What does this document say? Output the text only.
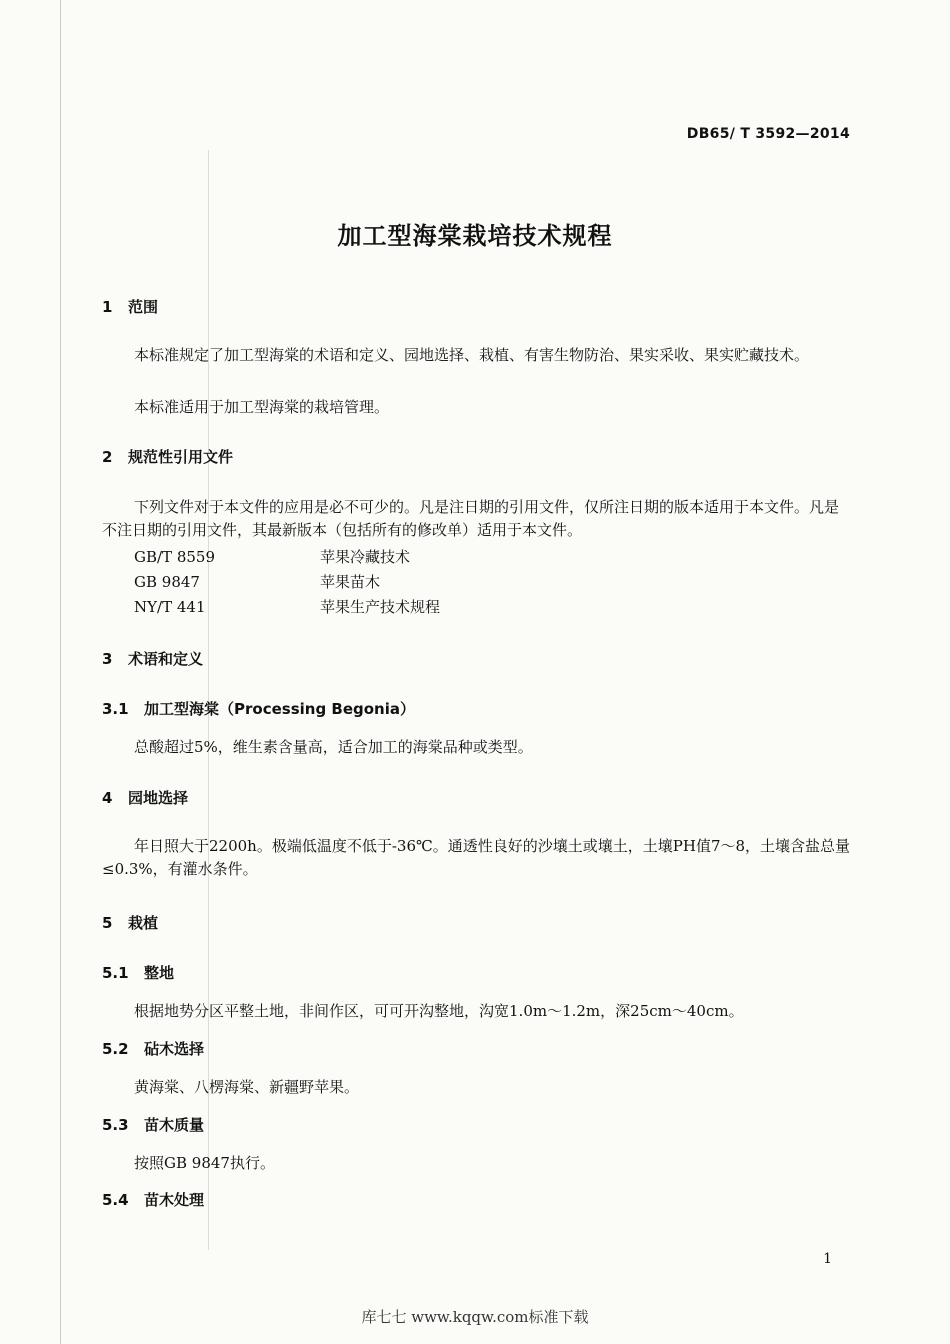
DB65/ T 3592—2014
加工型海棠栽培技术规程
1 范围
本标准规定了加工型海棠的术语和定义、园地选择、栽植、有害生物防治、果实采收、果实贮藏技术。
本标准适用于加工型海棠的栽培管理。
2 规范性引用文件
下列文件对于本文件的应用是必不可少的。凡是注日期的引用文件，仅所注日期的版本适用于本文件。凡是不注日期的引用文件，其最新版本（包括所有的修改单）适用于本文件。
GB/T 8559	苹果冷藏技术
GB 9847	苹果苗木
NY/T 441	苹果生产技术规程
3 术语和定义
3.1 加工型海棠（Processing Begonia）
总酸超过5%，维生素含量高，适合加工的海棠品种或类型。
4 园地选择
年日照大于2200h。极端低温度不低于-36℃。通透性良好的沙壤土或壤土，土壤PH值7～8，土壤含盐总量≤0.3%，有灌水条件。
5 栽植
5.1 整地
根据地势分区平整土地，非间作区，可可开沟整地，沟宽1.0m～1.2m，深25cm～40cm。
5.2 砧木选择
黄海棠、八楞海棠、新疆野苹果。
5.3 苗木质量
按照GB 9847执行。
5.4 苗木处理
1
库七七 www.kqqw.com标准下载
